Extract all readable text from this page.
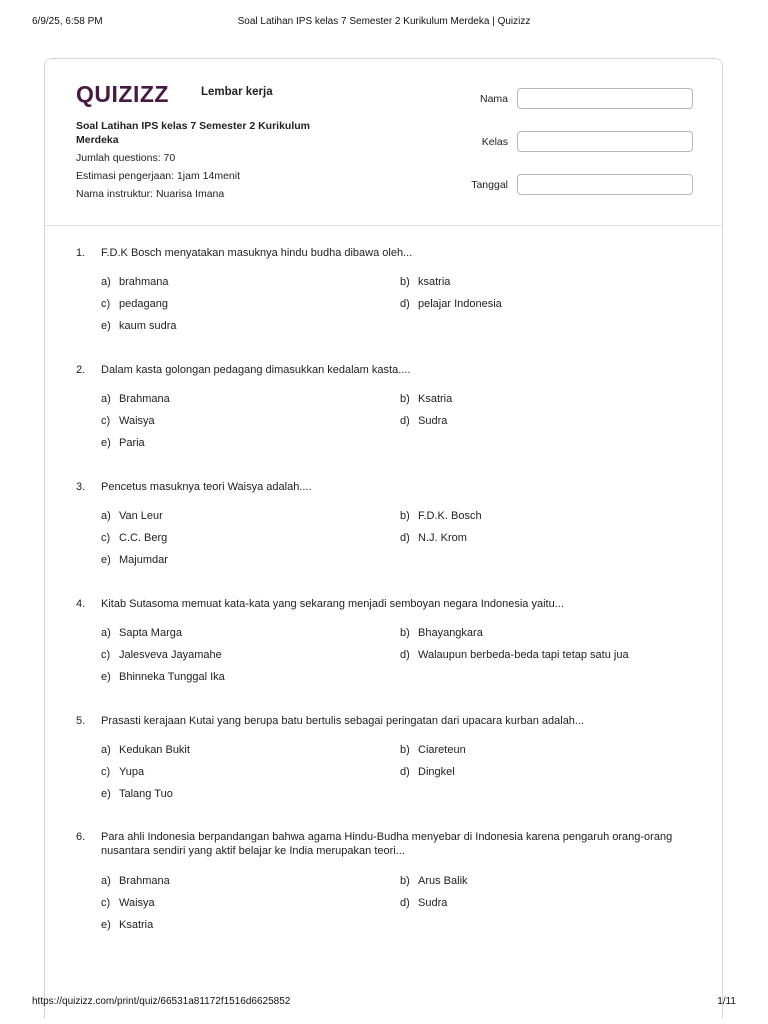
6/9/25, 6:58 PM	Soal Latihan IPS kelas 7 Semester 2 Kurikulum Merdeka | Quizizz
QUIZIZZ	Lembar kerja
Soal Latihan IPS kelas 7 Semester 2 Kurikulum Merdeka
Jumlah questions: 70
Estimasi pengerjaan: 1jam 14menit
Nama instruktur: Nuarisa Imana
Nama
Kelas
Tanggal
1. F.D.K Bosch menyatakan masuknya hindu budha dibawa oleh...
a) brahmana	b) ksatria
c) pedagang	d) pelajar Indonesia
e) kaum sudra
2. Dalam kasta golongan pedagang dimasukkan kedalam kasta....
a) Brahmana	b) Ksatria
c) Waisya	d) Sudra
e) Paria
3. Pencetus masuknya teori Waisya adalah....
a) Van Leur	b) F.D.K. Bosch
c) C.C. Berg	d) N.J. Krom
e) Majumdar
4. Kitab Sutasoma memuat kata-kata yang sekarang menjadi semboyan negara Indonesia yaitu...
a) Sapta Marga	b) Bhayangkara
c) Jalesveva Jayamahe	d) Walaupun berbeda-beda tapi tetap satu jua
e) Bhinneka Tunggal Ika
5. Prasasti kerajaan Kutai yang berupa batu bertulis sebagai peringatan dari upacara kurban adalah...
a) Kedukan Bukit	b) Ciareteun
c) Yupa	d) Dingkel
e) Talang Tuo
6. Para ahli Indonesia berpandangan bahwa agama Hindu-Budha menyebar di Indonesia karena pengaruh orang-orang nusantara sendiri yang aktif belajar ke India merupakan teori...
a) Brahmana	b) Arus Balik
c) Waisya	d) Sudra
e) Ksatria
https://quizizz.com/print/quiz/66531a81172f1516d6625852	1/11
